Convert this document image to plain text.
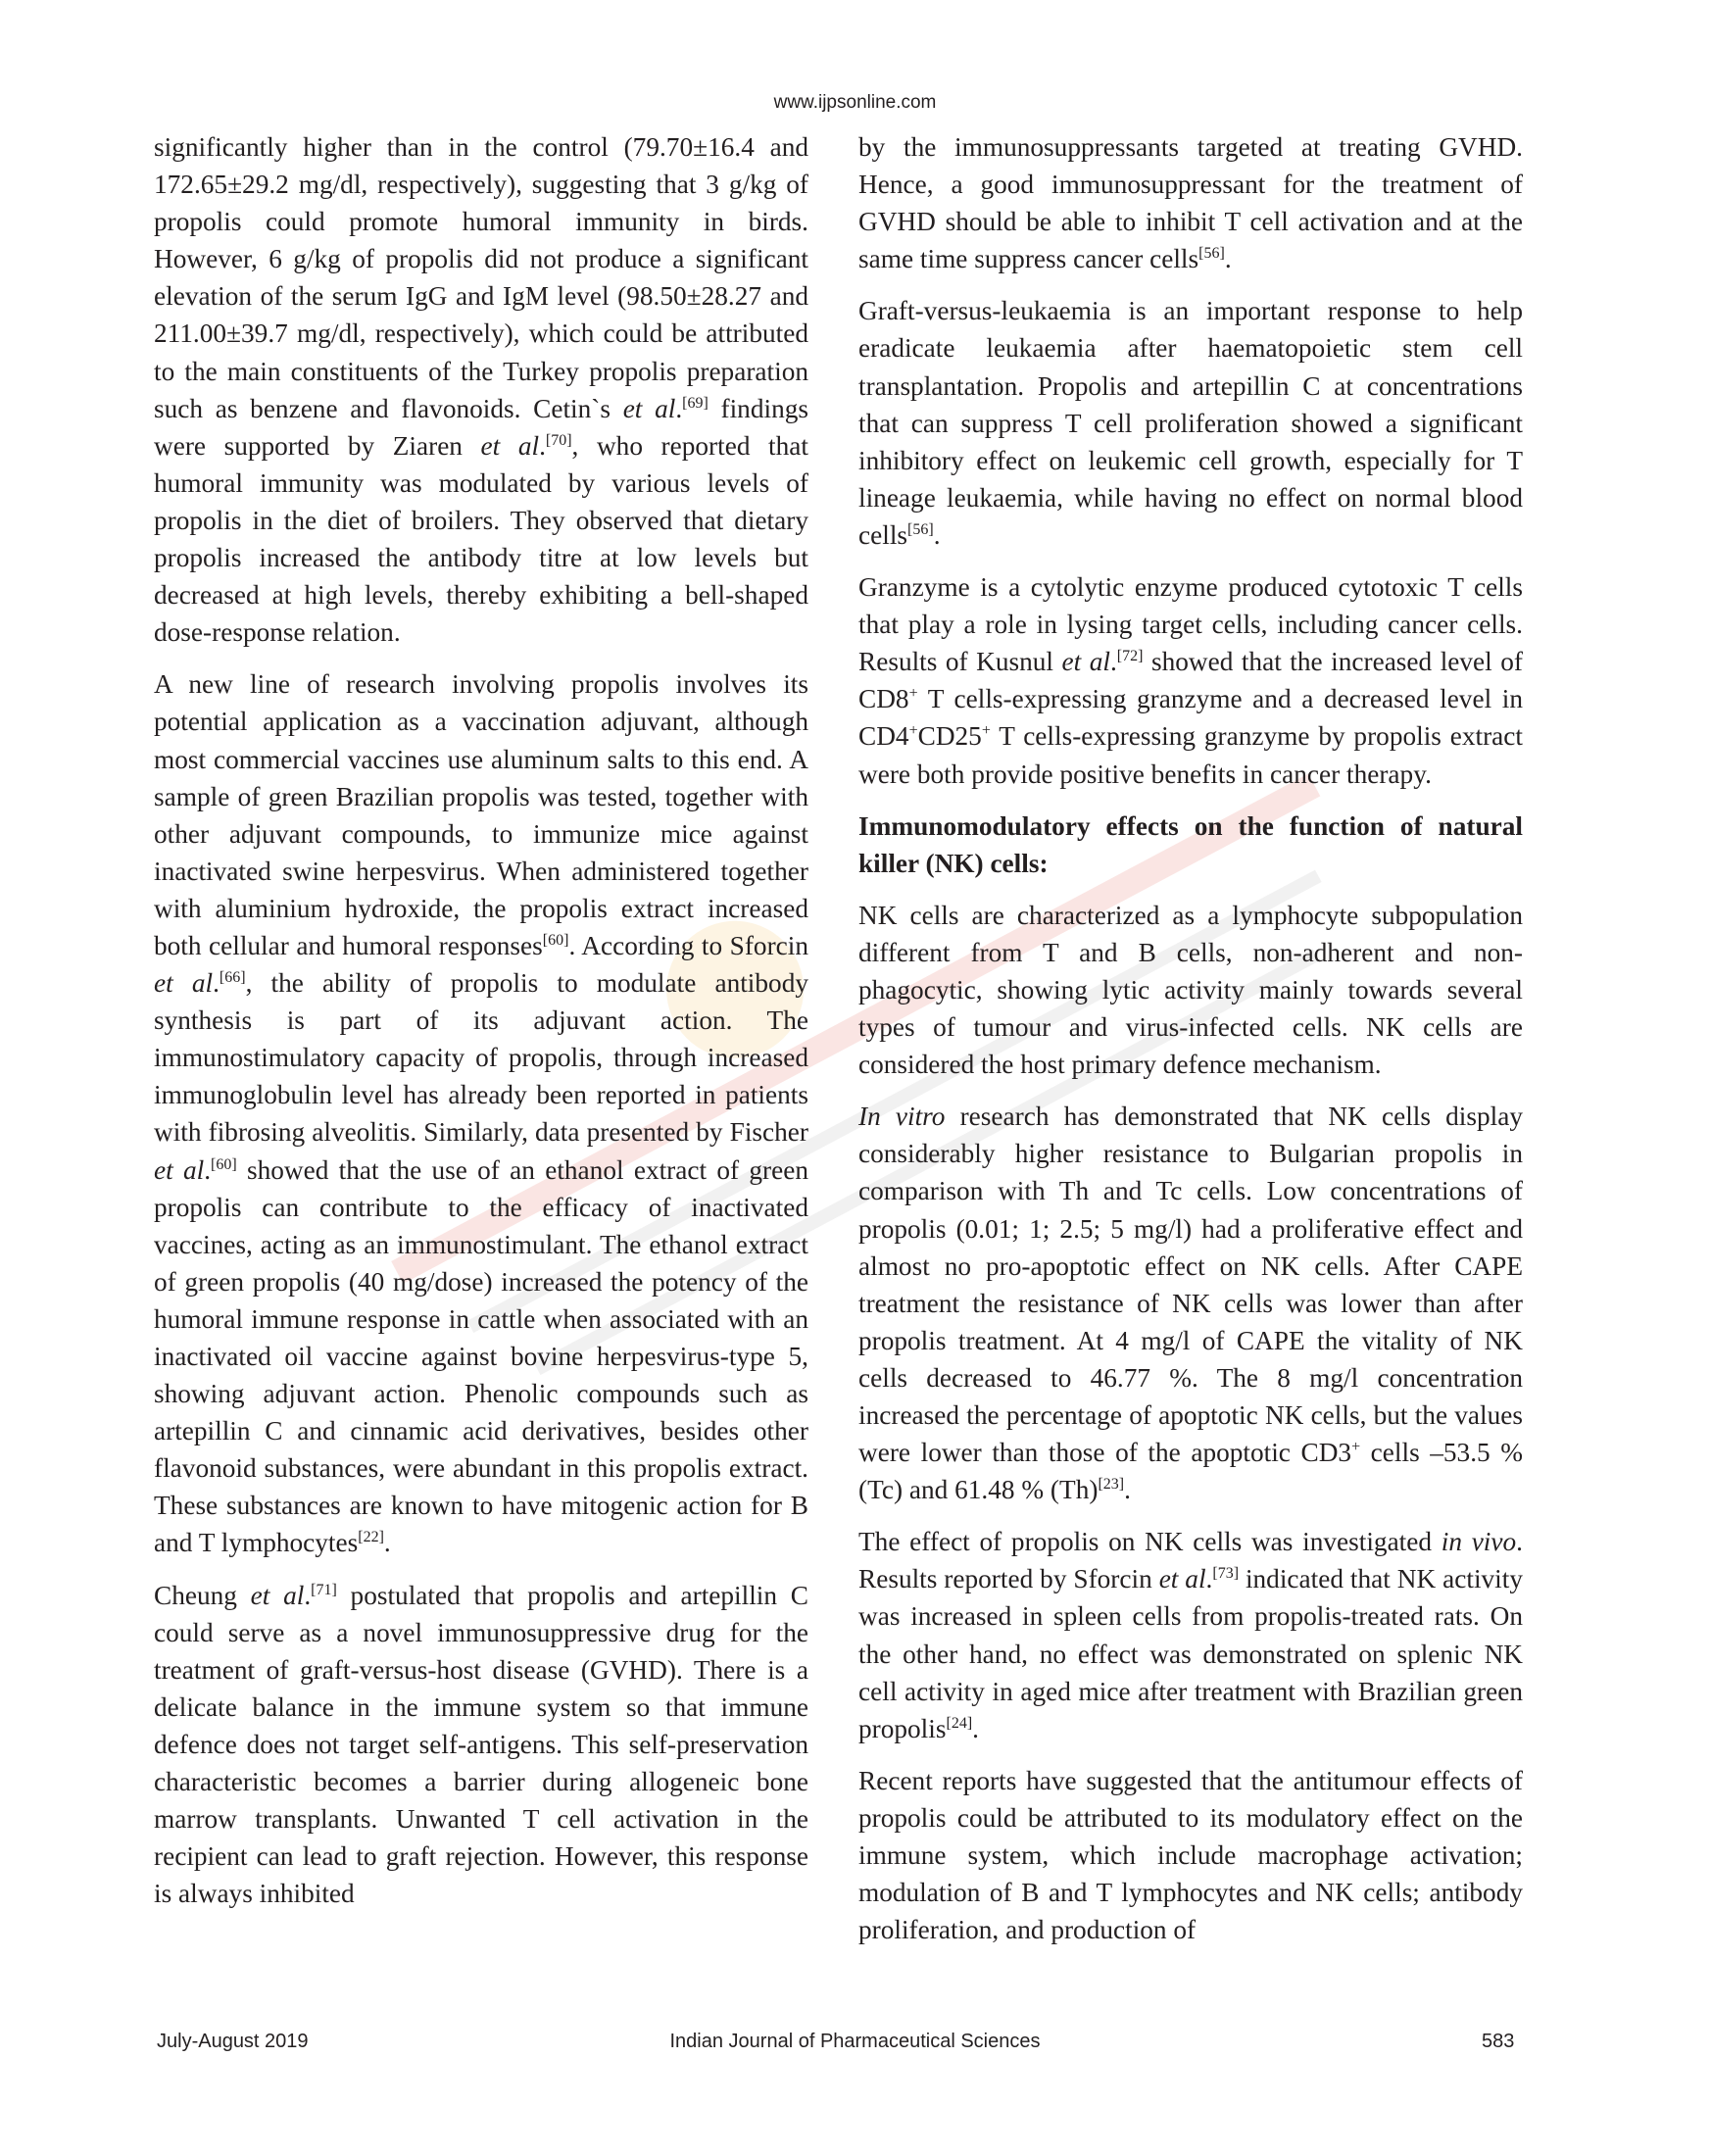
www.ijpsonline.com

significantly higher than in the control (79.70±16.4 and 172.65±29.2 mg/dl, respectively), suggesting that 3 g/kg of propolis could promote humoral immunity in birds. However, 6 g/kg of propolis did not produce a significant elevation of the serum IgG and IgM level (98.50±28.27 and 211.00±39.7 mg/dl, respectively), which could be attributed to the main constituents of the Turkey propolis preparation such as benzene and flavonoids. Cetin`s et al.[69] findings were supported by Ziaren et al.[70], who reported that humoral immunity was modulated by various levels of propolis in the diet of broilers. They observed that dietary propolis increased the antibody titre at low levels but decreased at high levels, thereby exhibiting a bell-shaped dose-response relation.

A new line of research involving propolis involves its potential application as a vaccination adjuvant, although most commercial vaccines use aluminum salts to this end. A sample of green Brazilian propolis was tested, together with other adjuvant compounds, to immunize mice against inactivated swine herpesvirus. When administered together with aluminium hydroxide, the propolis extract increased both cellular and humoral responses[60]. According to Sforcin et al.[66], the ability of propolis to modulate antibody synthesis is part of its adjuvant action. The immunostimulatory capacity of propolis, through increased immunoglobulin level has already been reported in patients with fibrosing alveolitis. Similarly, data presented by Fischer et al.[60] showed that the use of an ethanol extract of green propolis can contribute to the efficacy of inactivated vaccines, acting as an immunostimulant. The ethanol extract of green propolis (40 mg/dose) increased the potency of the humoral immune response in cattle when associated with an inactivated oil vaccine against bovine herpesvirus-type 5, showing adjuvant action. Phenolic compounds such as artepillin C and cinnamic acid derivatives, besides other flavonoid substances, were abundant in this propolis extract. These substances are known to have mitogenic action for B and T lymphocytes[22].

Cheung et al.[71] postulated that propolis and artepillin C could serve as a novel immunosuppressive drug for the treatment of graft-versus-host disease (GVHD). There is a delicate balance in the immune system so that immune defence does not target self-antigens. This self-preservation characteristic becomes a barrier during allogeneic bone marrow transplants. Unwanted T cell activation in the recipient can lead to graft rejection. However, this response is always inhibited

by the immunosuppressants targeted at treating GVHD. Hence, a good immunosuppressant for the treatment of GVHD should be able to inhibit T cell activation and at the same time suppress cancer cells[56].

Graft-versus-leukaemia is an important response to help eradicate leukaemia after haematopoietic stem cell transplantation. Propolis and artepillin C at concentrations that can suppress T cell proliferation showed a significant inhibitory effect on leukemic cell growth, especially for T lineage leukaemia, while having no effect on normal blood cells[56].

Granzyme is a cytolytic enzyme produced cytotoxic T cells that play a role in lysing target cells, including cancer cells. Results of Kusnul et al.[72] showed that the increased level of CD8+ T cells-expressing granzyme and a decreased level in CD4+CD25+ T cells-expressing granzyme by propolis extract were both provide positive benefits in cancer therapy.

Immunomodulatory effects on the function of natural killer (NK) cells:

NK cells are characterized as a lymphocyte subpopulation different from T and B cells, non-adherent and non-phagocytic, showing lytic activity mainly towards several types of tumour and virus-infected cells. NK cells are considered the host primary defence mechanism.

In vitro research has demonstrated that NK cells display considerably higher resistance to Bulgarian propolis in comparison with Th and Tc cells. Low concentrations of propolis (0.01; 1; 2.5; 5 mg/l) had a proliferative effect and almost no pro-apoptotic effect on NK cells. After CAPE treatment the resistance of NK cells was lower than after propolis treatment. At 4 mg/l of CAPE the vitality of NK cells decreased to 46.77 %. The 8 mg/l concentration increased the percentage of apoptotic NK cells, but the values were lower than those of the apoptotic CD3+ cells –53.5 % (Tc) and 61.48 % (Th)[23].

The effect of propolis on NK cells was investigated in vivo. Results reported by Sforcin et al.[73] indicated that NK activity was increased in spleen cells from propolis-treated rats. On the other hand, no effect was demonstrated on splenic NK cell activity in aged mice after treatment with Brazilian green propolis[24].

Recent reports have suggested that the antitumour effects of propolis could be attributed to its modulatory effect on the immune system, which include macrophage activation; modulation of B and T lymphocytes and NK cells; antibody proliferation, and production of

July-August 2019	Indian Journal of Pharmaceutical Sciences	583
